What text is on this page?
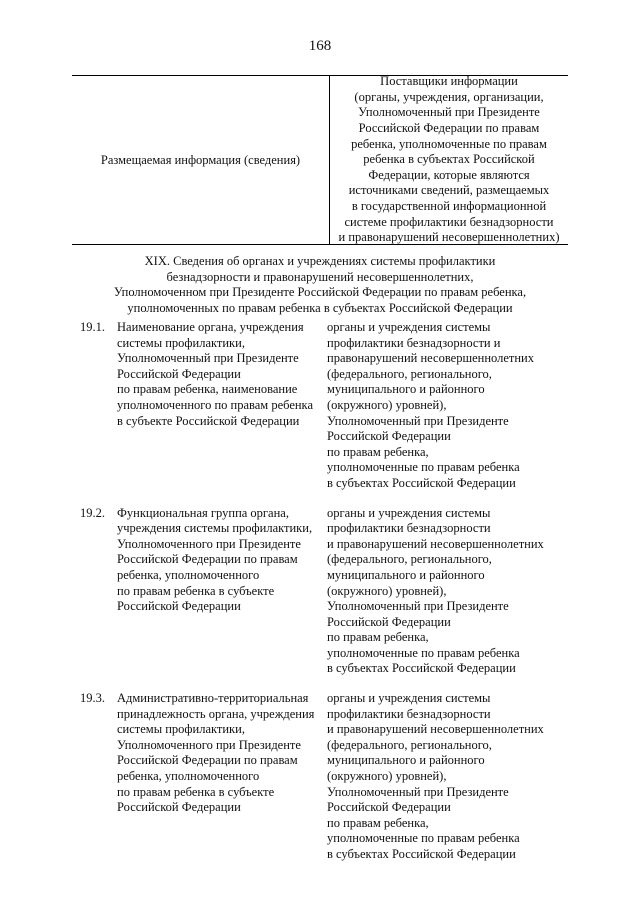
168
Размещаемая информация (сведения)
Поставщики информации
(органы, учреждения, организации,
Уполномоченный при Президенте
Российской Федерации по правам
ребенка, уполномоченные по правам
ребенка в субъектах Российской
Федерации, которые являются
источниками сведений, размещаемых
в государственной информационной
системе профилактики безнадзорности
и правонарушений несовершеннолетних)
XIX. Сведения об органах и учреждениях системы профилактики
безнадзорности и правонарушений несовершеннолетних,
Уполномоченном при Президенте Российской Федерации по правам ребенка,
уполномоченных по правам ребенка в субъектах Российской Федерации
19.1. Наименование органа, учреждения
системы профилактики,
Уполномоченный при Президенте
Российской Федерации
по правам ребенка, наименование
уполномоченного по правам ребенка
в субъекте Российской Федерации
органы и учреждения системы
профилактики безнадзорности и
правонарушений несовершеннолетних
(федерального, регионального,
муниципального и районного
(окружного) уровней),
Уполномоченный при Президенте
Российской Федерации
по правам ребенка,
уполномоченные по правам ребенка
в субъектах Российской Федерации
19.2. Функциональная группа органа,
учреждения системы профилактики,
Уполномоченного при Президенте
Российской Федерации по правам
ребенка, уполномоченного
по правам ребенка в субъекте
Российской Федерации
органы и учреждения системы
профилактики безнадзорности
и правонарушений несовершеннолетних
(федерального, регионального,
муниципального и районного
(окружного) уровней),
Уполномоченный при Президенте
Российской Федерации
по правам ребенка,
уполномоченные по правам ребенка
в субъектах Российской Федерации
19.3. Административно-территориальная
принадлежность органа, учреждения
системы профилактики,
Уполномоченного при Президенте
Российской Федерации по правам
ребенка, уполномоченного
по правам ребенка в субъекте
Российской Федерации
органы и учреждения системы
профилактики безнадзорности
и правонарушений несовершеннолетних
(федерального, регионального,
муниципального и районного
(окружного) уровней),
Уполномоченный при Президенте
Российской Федерации
по правам ребенка,
уполномоченные по правам ребенка
в субъектах Российской Федерации
